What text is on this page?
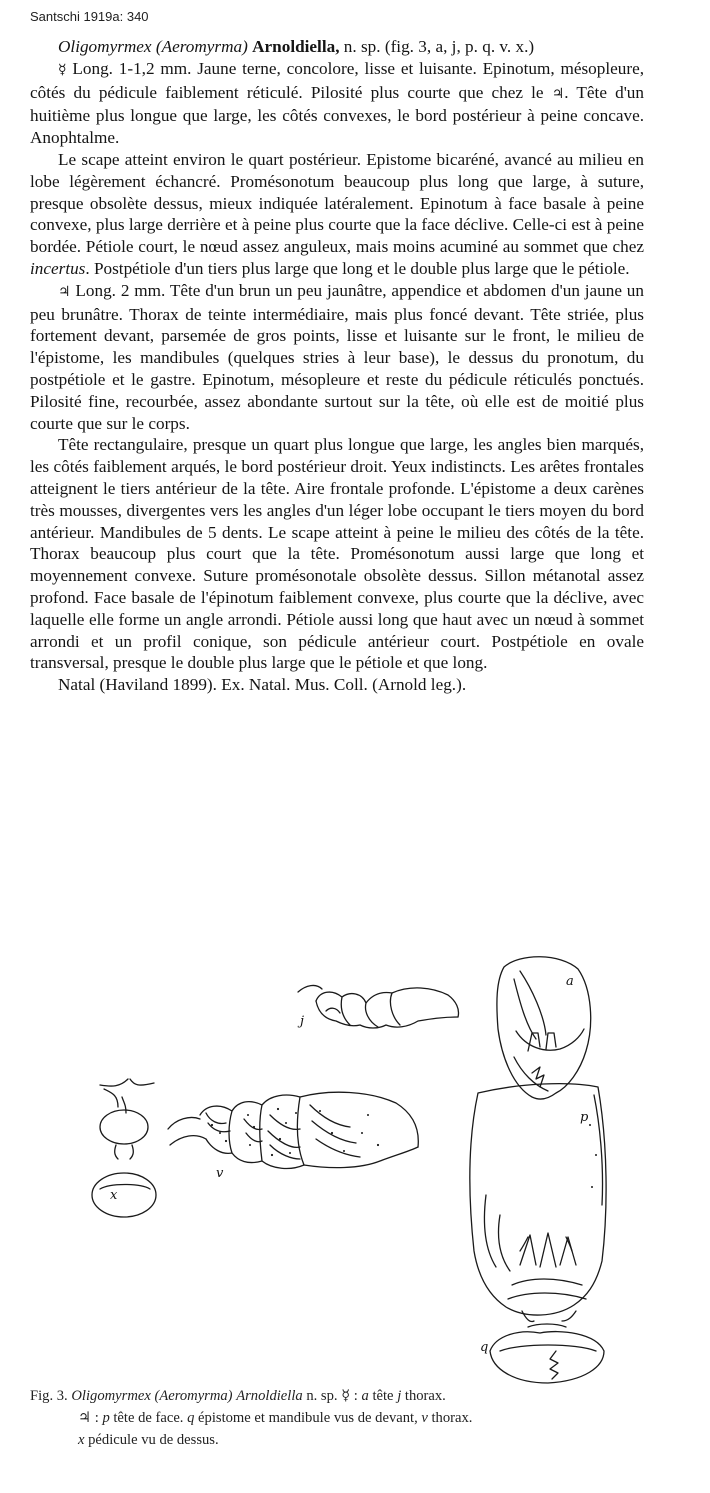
Santschi 1919a: 340

Oligomyrmex (Aeromyrma) Arnoldiella, n. sp. (fig. 3, a, j, p. q. v. x.)

☿ Long. 1-1,2 mm. Jaune terne, concolore, lisse et luisante. Epinotum, mésopleure, côtés du pédicule faiblement réticulé. Pilosité plus courte que chez le ♃. Tête d'un huitième plus longue que large, les côtés convexes, le bord postérieur à peine concave. Anophtalme.

Le scape atteint environ le quart postérieur. Epistome bicaréné, avancé au milieu en lobe légèrement échancré. Promésonotum beaucoup plus long que large, à suture, presque obsolète dessus, mieux indiquée latéralement. Epinotum à face basale à peine convexe, plus large derrière et à peine plus courte que la face déclive. Celle-ci est à peine bordée. Pétiole court, le nœud assez anguleux, mais moins acuminé au sommet que chez incertus. Postpétiole d'un tiers plus large que long et le double plus large que le pétiole.

♃ Long. 2 mm. Tête d'un brun un peu jaunâtre, appendice et abdomen d'un jaune un peu brunâtre. Thorax de teinte intermédiaire, mais plus foncé devant. Tête striée, plus fortement devant, parsemée de gros points, lisse et luisante sur le front, le milieu de l'épistome, les mandibules (quelques stries à leur base), le dessus du pronotum, du postpétiole et le gastre. Epinotum, mésopleure et reste du pédicule réticulés ponctués. Pilosité fine, recourbée, assez abondante surtout sur la tête, où elle est de moitié plus courte que sur le corps.

Tête rectangulaire, presque un quart plus longue que large, les angles bien marqués, les côtés faiblement arqués, le bord postérieur droit. Yeux indistincts. Les arêtes frontales atteignent le tiers antérieur de la tête. Aire frontale profonde. L'épistome a deux carènes très mousses, divergentes vers les angles d'un léger lobe occupant le tiers moyen du bord antérieur. Mandibules de 5 dents. Le scape atteint à peine le milieu des côtés de la tête. Thorax beaucoup plus court que la tête. Promésonotum aussi large que long et moyennement convexe. Suture promésonotale obsolète dessus. Sillon métanotal assez profond. Face basale de l'épinotum faiblement convexe, plus courte que la déclive, avec laquelle elle forme un angle arrondi. Pétiole aussi long que haut avec un nœud à sommet arrondi et un profil conique, son pédicule antérieur court. Postpétiole en ovale transversal, presque le double plus large que le pétiole et que long.

Natal (Haviland 1899). Ex. Natal. Mus. Coll. (Arnold leg.).

a
j
p
q
v
x
Fig. 3. Oligomyrmex (Aeromyrma) Arnoldiella n. sp. ☿ : a tête j thorax.
♃ : p tête de face. q épistome et mandibule vus de devant, v thorax.
x pédicule vu de dessus.
